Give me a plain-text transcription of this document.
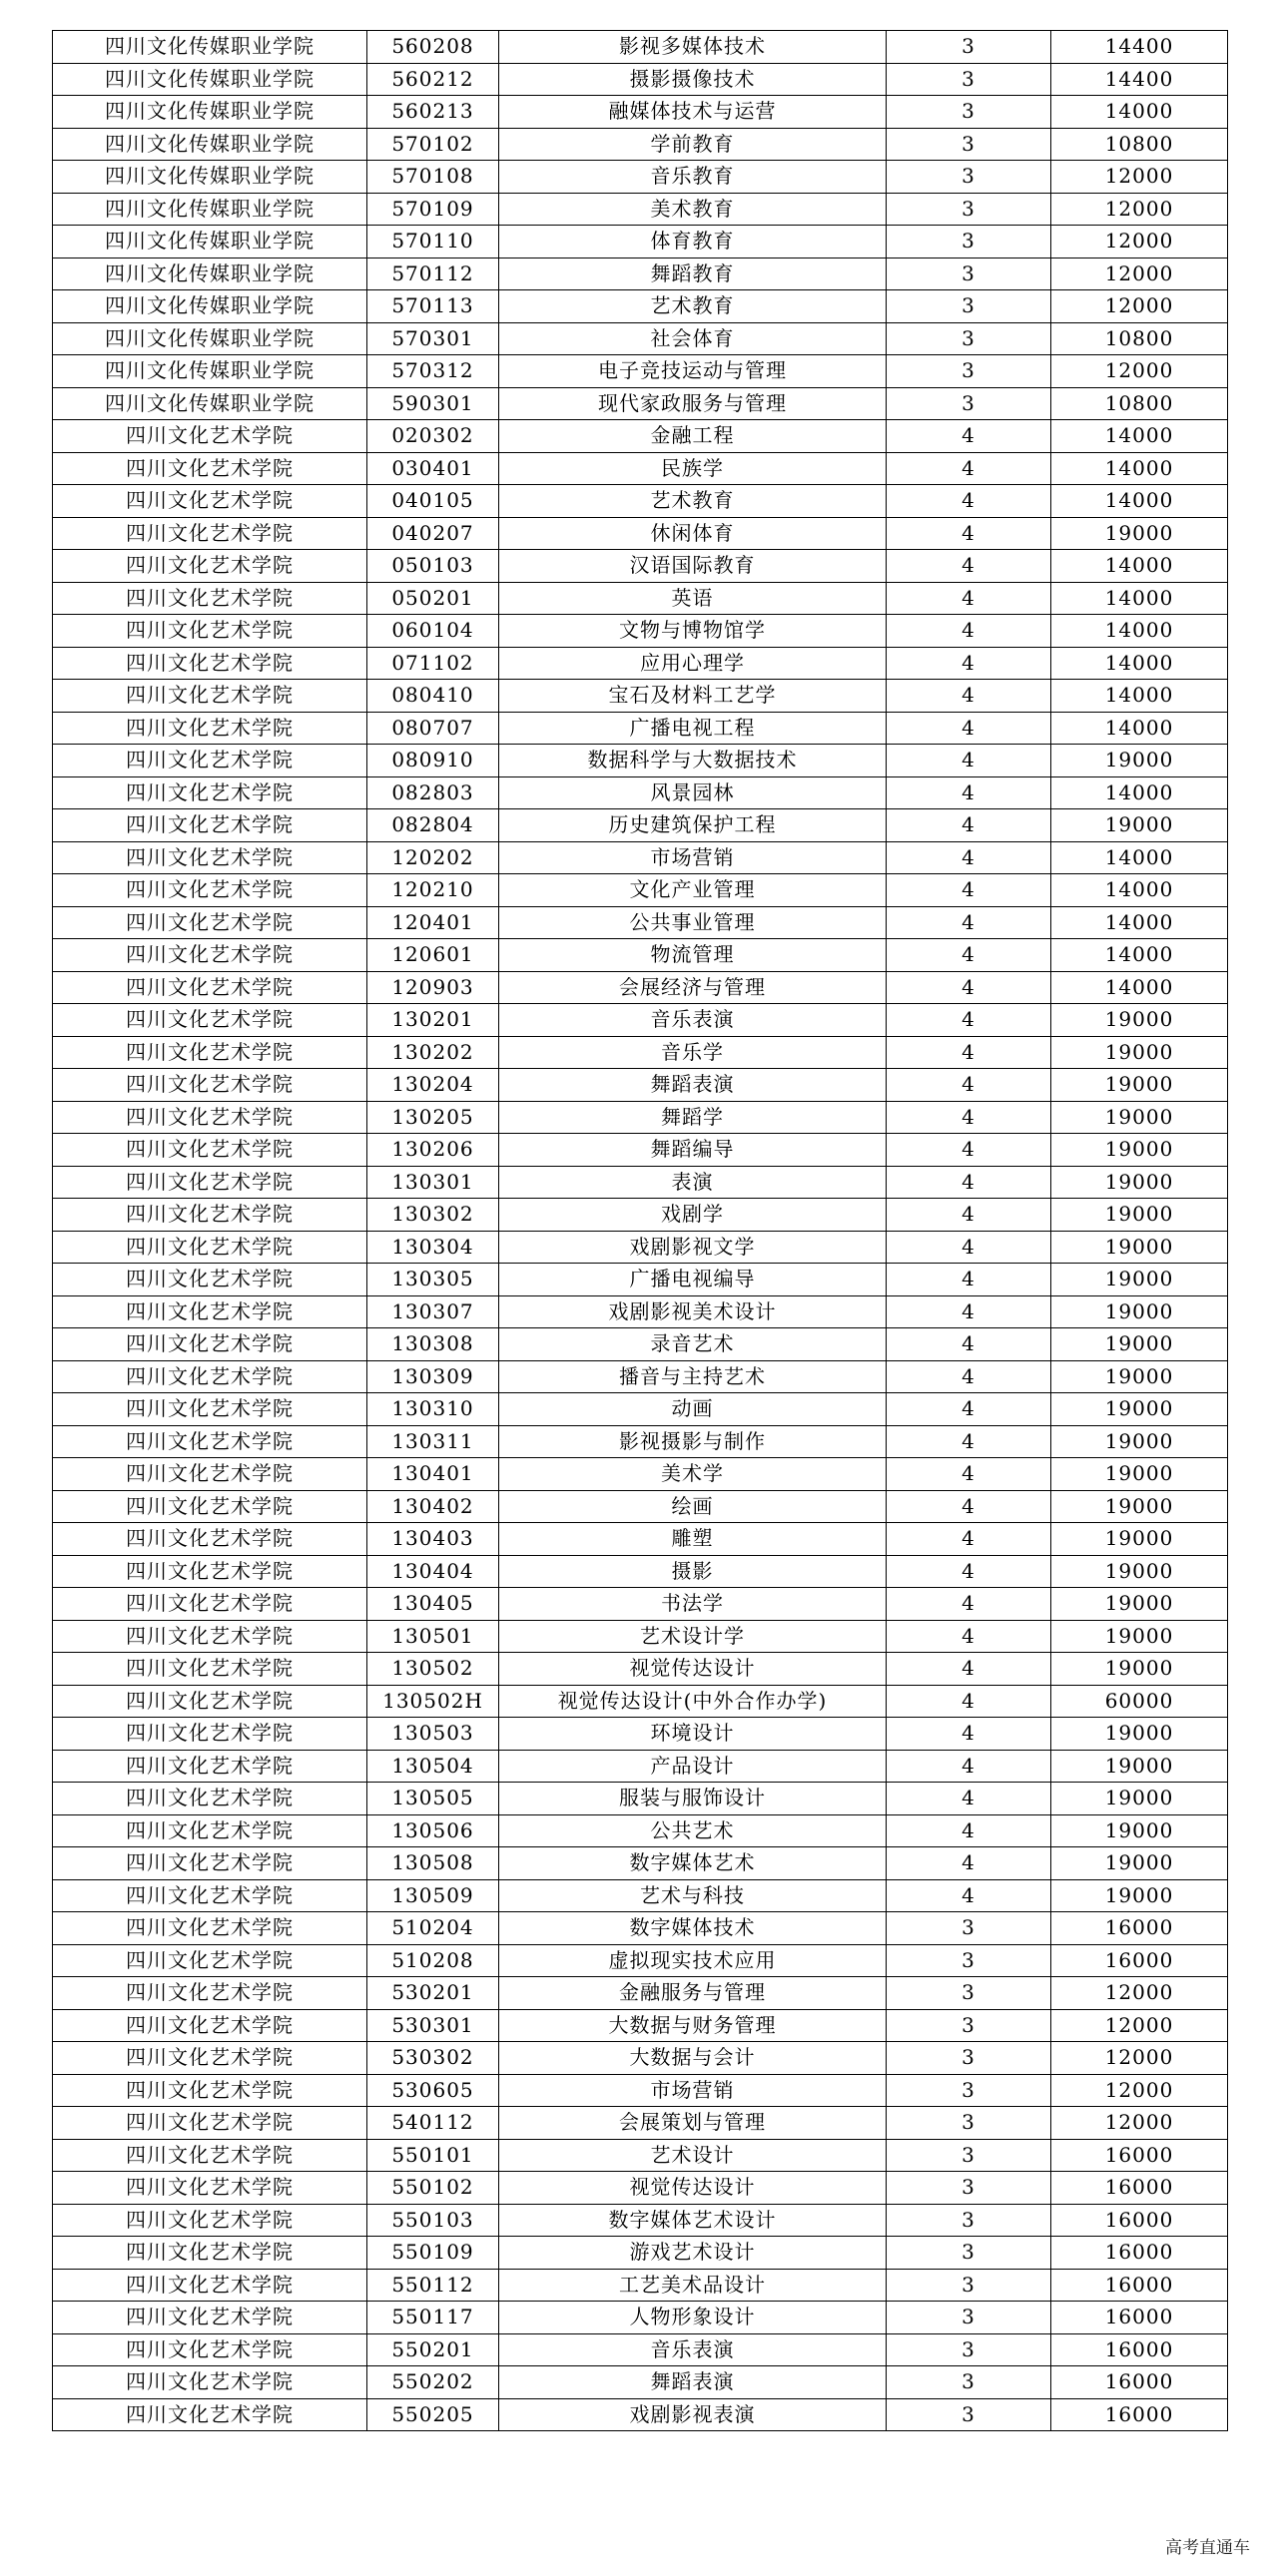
四川文化传媒职业学院	560208	影视多媒体技术	3	14400
四川文化传媒职业学院	560212	摄影摄像技术	3	14400
四川文化传媒职业学院	560213	融媒体技术与运营	3	14000
四川文化传媒职业学院	570102	学前教育	3	10800
四川文化传媒职业学院	570108	音乐教育	3	12000
四川文化传媒职业学院	570109	美术教育	3	12000
四川文化传媒职业学院	570110	体育教育	3	12000
四川文化传媒职业学院	570112	舞蹈教育	3	12000
四川文化传媒职业学院	570113	艺术教育	3	12000
四川文化传媒职业学院	570301	社会体育	3	10800
四川文化传媒职业学院	570312	电子竞技运动与管理	3	12000
四川文化传媒职业学院	590301	现代家政服务与管理	3	10800
四川文化艺术学院	020302	金融工程	4	14000
四川文化艺术学院	030401	民族学	4	14000
四川文化艺术学院	040105	艺术教育	4	14000
四川文化艺术学院	040207	休闲体育	4	19000
四川文化艺术学院	050103	汉语国际教育	4	14000
四川文化艺术学院	050201	英语	4	14000
四川文化艺术学院	060104	文物与博物馆学	4	14000
四川文化艺术学院	071102	应用心理学	4	14000
四川文化艺术学院	080410	宝石及材料工艺学	4	14000
四川文化艺术学院	080707	广播电视工程	4	14000
四川文化艺术学院	080910	数据科学与大数据技术	4	19000
四川文化艺术学院	082803	风景园林	4	14000
四川文化艺术学院	082804	历史建筑保护工程	4	19000
四川文化艺术学院	120202	市场营销	4	14000
四川文化艺术学院	120210	文化产业管理	4	14000
四川文化艺术学院	120401	公共事业管理	4	14000
四川文化艺术学院	120601	物流管理	4	14000
四川文化艺术学院	120903	会展经济与管理	4	14000
四川文化艺术学院	130201	音乐表演	4	19000
四川文化艺术学院	130202	音乐学	4	19000
四川文化艺术学院	130204	舞蹈表演	4	19000
四川文化艺术学院	130205	舞蹈学	4	19000
四川文化艺术学院	130206	舞蹈编导	4	19000
四川文化艺术学院	130301	表演	4	19000
四川文化艺术学院	130302	戏剧学	4	19000
四川文化艺术学院	130304	戏剧影视文学	4	19000
四川文化艺术学院	130305	广播电视编导	4	19000
四川文化艺术学院	130307	戏剧影视美术设计	4	19000
四川文化艺术学院	130308	录音艺术	4	19000
四川文化艺术学院	130309	播音与主持艺术	4	19000
四川文化艺术学院	130310	动画	4	19000
四川文化艺术学院	130311	影视摄影与制作	4	19000
四川文化艺术学院	130401	美术学	4	19000
四川文化艺术学院	130402	绘画	4	19000
四川文化艺术学院	130403	雕塑	4	19000
四川文化艺术学院	130404	摄影	4	19000
四川文化艺术学院	130405	书法学	4	19000
四川文化艺术学院	130501	艺术设计学	4	19000
四川文化艺术学院	130502	视觉传达设计	4	19000
四川文化艺术学院	130502H	视觉传达设计(中外合作办学)	4	60000
四川文化艺术学院	130503	环境设计	4	19000
四川文化艺术学院	130504	产品设计	4	19000
四川文化艺术学院	130505	服装与服饰设计	4	19000
四川文化艺术学院	130506	公共艺术	4	19000
四川文化艺术学院	130508	数字媒体艺术	4	19000
四川文化艺术学院	130509	艺术与科技	4	19000
四川文化艺术学院	510204	数字媒体技术	3	16000
四川文化艺术学院	510208	虚拟现实技术应用	3	16000
四川文化艺术学院	530201	金融服务与管理	3	12000
四川文化艺术学院	530301	大数据与财务管理	3	12000
四川文化艺术学院	530302	大数据与会计	3	12000
四川文化艺术学院	530605	市场营销	3	12000
四川文化艺术学院	540112	会展策划与管理	3	12000
四川文化艺术学院	550101	艺术设计	3	16000
四川文化艺术学院	550102	视觉传达设计	3	16000
四川文化艺术学院	550103	数字媒体艺术设计	3	16000
四川文化艺术学院	550109	游戏艺术设计	3	16000
四川文化艺术学院	550112	工艺美术品设计	3	16000
四川文化艺术学院	550117	人物形象设计	3	16000
四川文化艺术学院	550201	音乐表演	3	16000
四川文化艺术学院	550202	舞蹈表演	3	16000
四川文化艺术学院	550205	戏剧影视表演	3	16000
高考直通车
